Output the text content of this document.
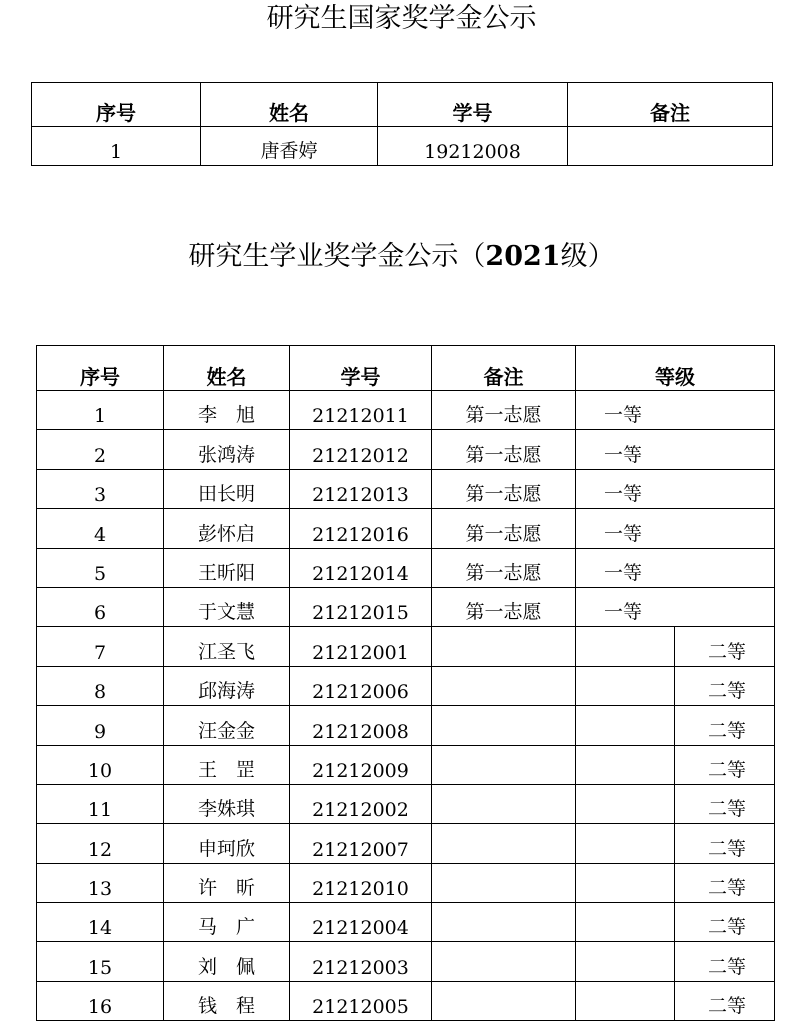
研究生国家奖学金公示
序号	姓名	学号	备注
1	唐香婷	19212008	
研究生学业奖学金公示（2021级）
序号	姓名	学号	备注	等级	
1	李　旭	21212011	第一志愿	一等	
2	张鸿涛	21212012	第一志愿	一等	
3	田长明	21212013	第一志愿	一等	
4	彭怀启	21212016	第一志愿	一等	
5	王昕阳	21212014	第一志愿	一等	
6	于文慧	21212015	第一志愿	一等	
7	江圣飞	21212001			二等
8	邱海涛	21212006			二等
9	汪金金	21212008			二等
10	王　罡	21212009			二等
11	李姝琪	21212002			二等
12	申珂欣	21212007			二等
13	许　昕	21212010			二等
14	马　广	21212004			二等
15	刘　佩	21212003			二等
16	钱　程	21212005			二等
